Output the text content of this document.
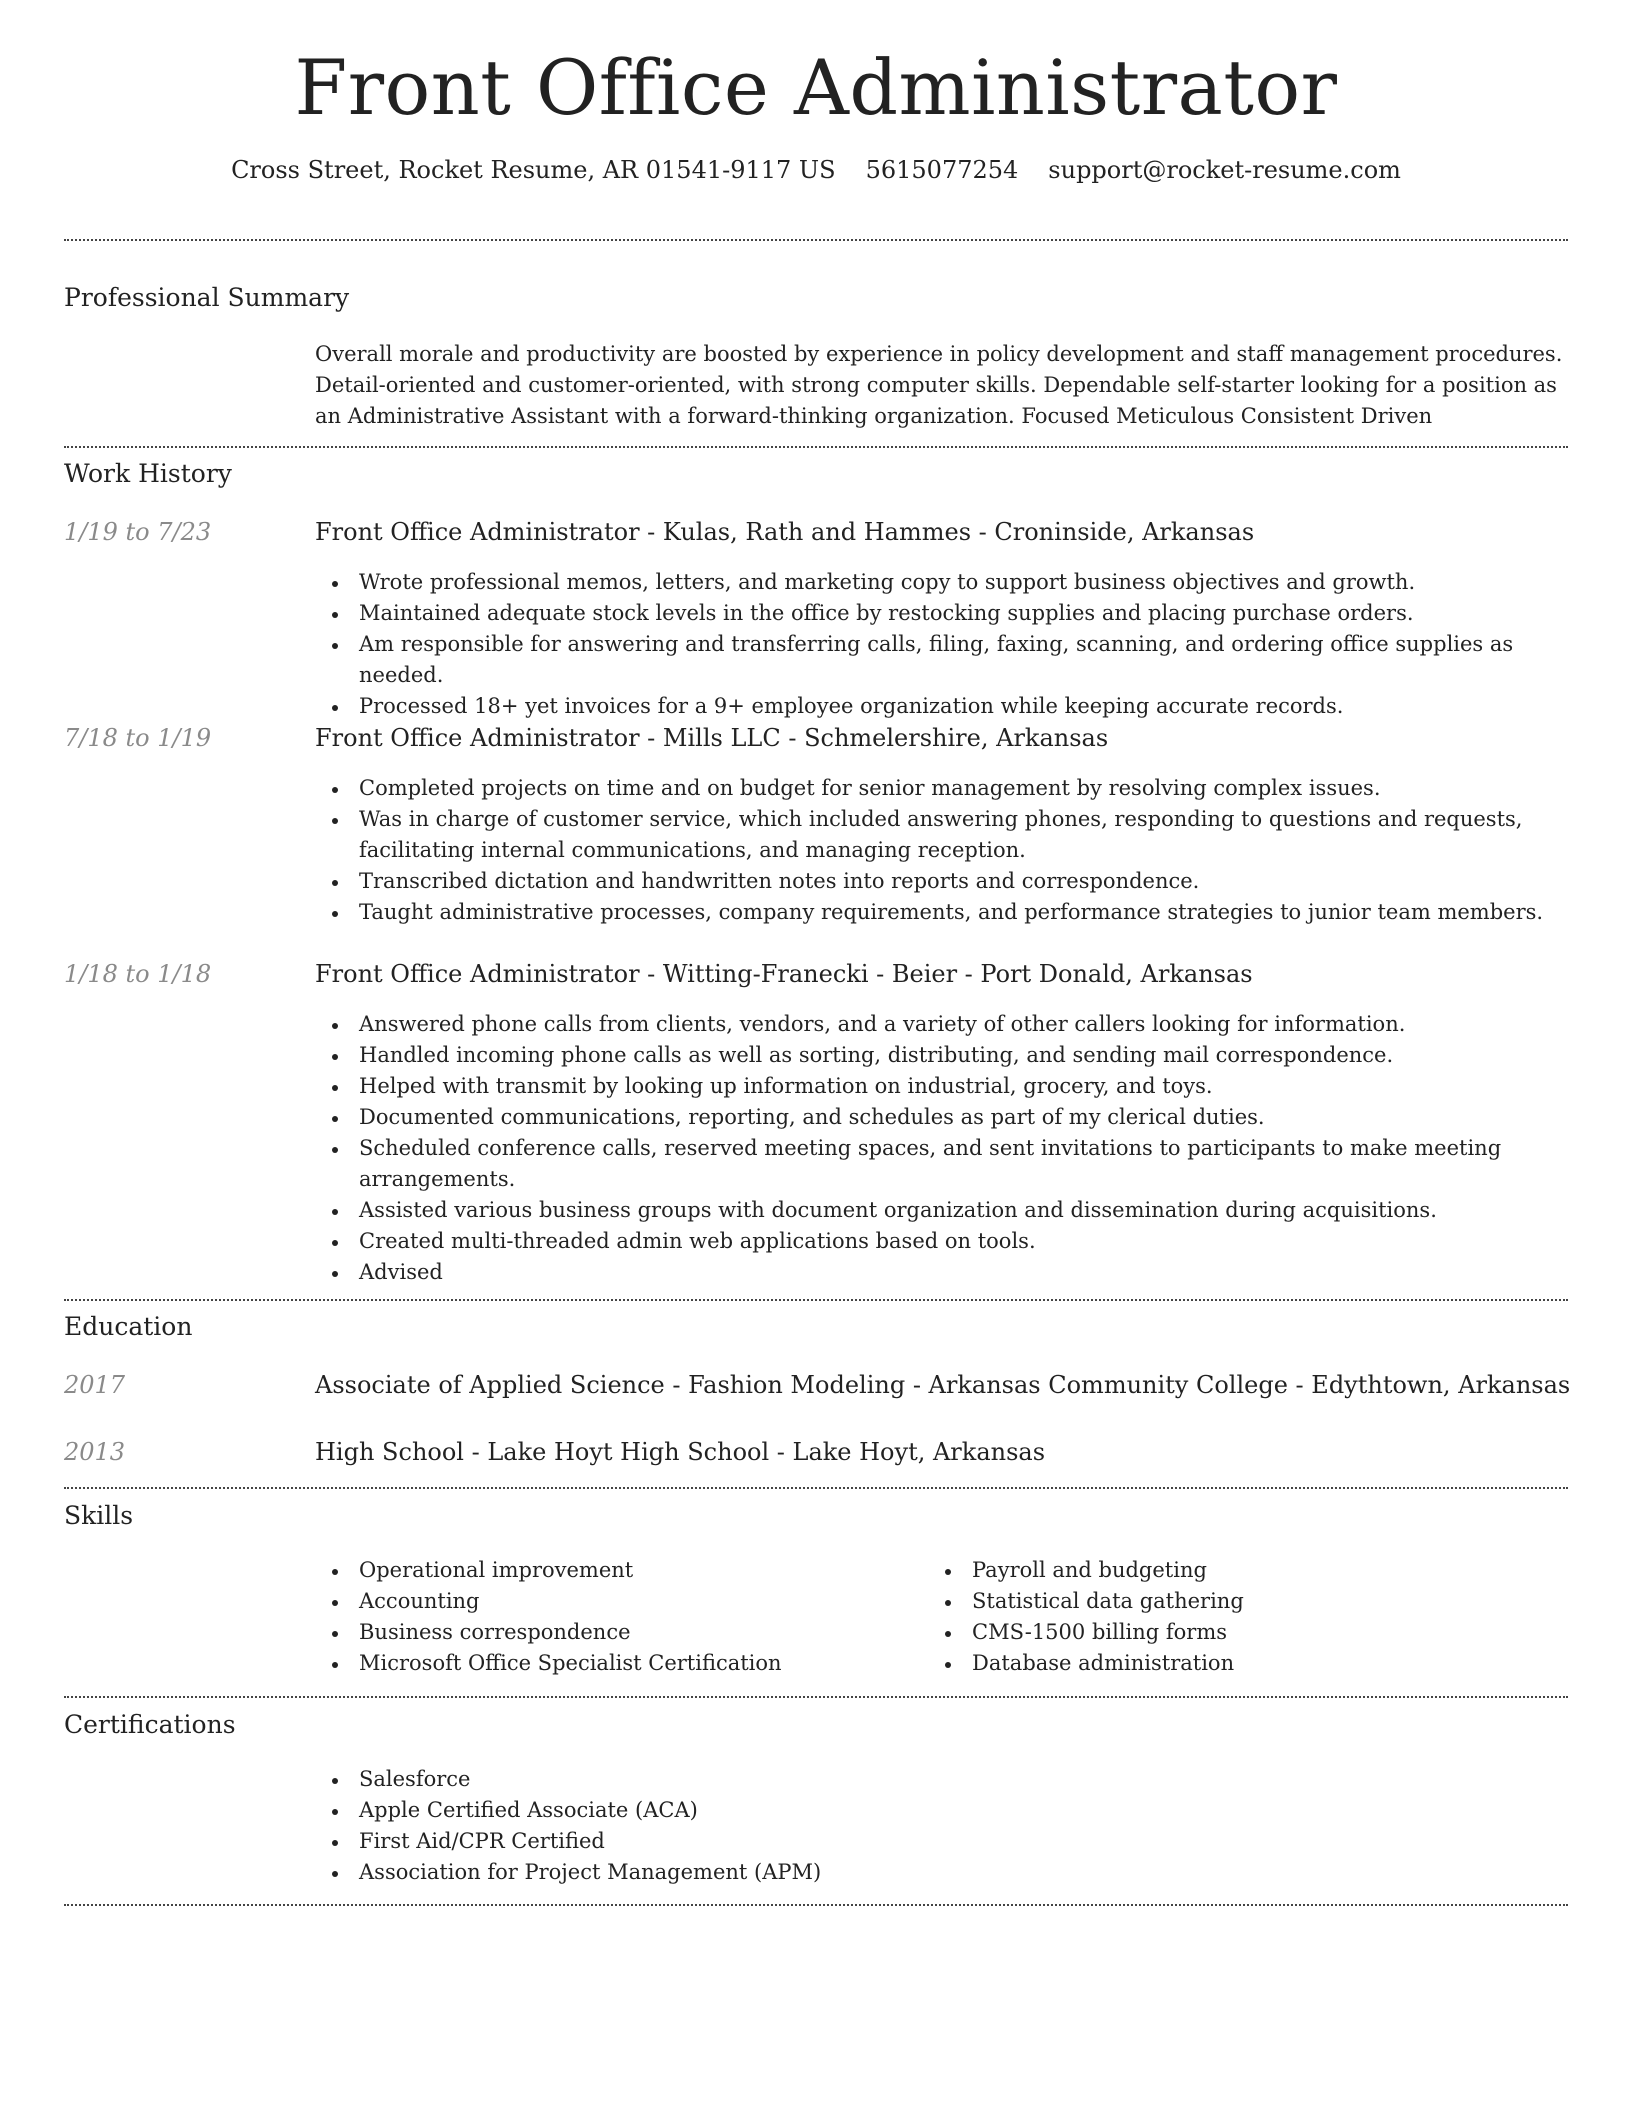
Front Office Administrator
Cross Street, Rocket Resume, AR 01541-9117 US 5615077254 support@rocket-resume.com
Professional Summary
Overall morale and productivity are boosted by experience in policy development and staff management procedures. Detail-oriented and customer-oriented, with strong computer skills. Dependable self-starter looking for a position as an Administrative Assistant with a forward-thinking organization. Focused Meticulous Consistent Driven
Work History
1/19 to 7/23	Front Office Administrator - Kulas, Rath and Hammes - Croninside, Arkansas
Wrote professional memos, letters, and marketing copy to support business objectives and growth.
Maintained adequate stock levels in the office by restocking supplies and placing purchase orders.
Am responsible for answering and transferring calls, filing, faxing, scanning, and ordering office supplies as needed.
Processed 18+ yet invoices for a 9+ employee organization while keeping accurate records.
7/18 to 1/19	Front Office Administrator - Mills LLC - Schmelershire, Arkansas
Completed projects on time and on budget for senior management by resolving complex issues.
Was in charge of customer service, which included answering phones, responding to questions and requests, facilitating internal communications, and managing reception.
Transcribed dictation and handwritten notes into reports and correspondence.
Taught administrative processes, company requirements, and performance strategies to junior team members.
1/18 to 1/18	Front Office Administrator - Witting-Franecki - Beier - Port Donald, Arkansas
Answered phone calls from clients, vendors, and a variety of other callers looking for information.
Handled incoming phone calls as well as sorting, distributing, and sending mail correspondence.
Helped with transmit by looking up information on industrial, grocery, and toys.
Documented communications, reporting, and schedules as part of my clerical duties.
Scheduled conference calls, reserved meeting spaces, and sent invitations to participants to make meeting arrangements.
Assisted various business groups with document organization and dissemination during acquisitions.
Created multi-threaded admin web applications based on tools.
Advised
Education
2017	Associate of Applied Science - Fashion Modeling - Arkansas Community College - Edythtown, Arkansas
2013	High School - Lake Hoyt High School - Lake Hoyt, Arkansas
Skills
Operational improvement
Accounting
Business correspondence
Microsoft Office Specialist Certification
Payroll and budgeting
Statistical data gathering
CMS-1500 billing forms
Database administration
Certifications
Salesforce
Apple Certified Associate (ACA)
First Aid/CPR Certified
Association for Project Management (APM)
